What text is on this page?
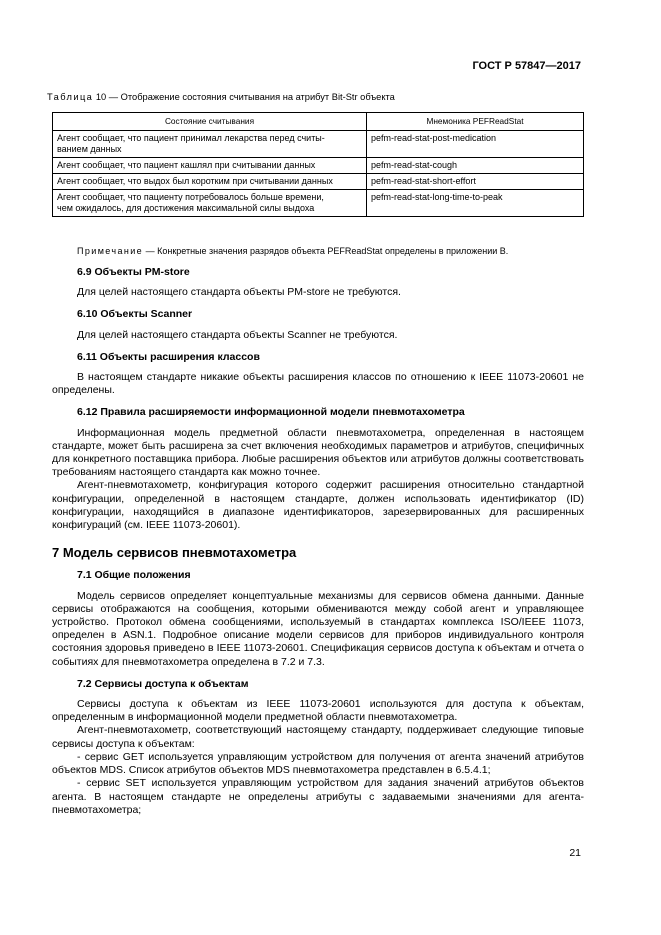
ГОСТ Р 57847—2017
Таблица 10 — Отображение состояния считывания на атрибут Bit-Str объекта
Состояние считывания	Мнемоника PEFReadStat
Агент сообщает, что пациент принимал лекарства перед считы-
ванием данных	pefm-read-stat-post-medication
Агент сообщает, что пациент кашлял при считывании данных	pefm-read-stat-cough
Агент сообщает, что выдох был коротким при считывании данных	pefm-read-stat-short-effort
Агент сообщает, что пациенту потребовалось больше времени,
чем ожидалось, для достижения максимальной силы выдоха	pefm-read-stat-long-time-to-peak
Примечание — Конкретные значения разрядов объекта PEFReadStat определены в приложении В.
6.9 Объекты PM-store

Для целей настоящего стандарта объекты PM-store не требуются.

6.10 Объекты Scanner

Для целей настоящего стандарта объекты Scanner не требуются.

6.11 Объекты расширения классов

В настоящем стандарте никакие объекты расширения классов по отношению к IEEE 11073-20601 не определены.

6.12 Правила расширяемости информационной модели пневмотахометра

Информационная модель предметной области пневмотахометра, определенная в настоящем стандарте, может быть расширена за счет включения необходимых параметров и атрибутов, специфичных для конкретного поставщика прибора. Любые расширения объектов или атрибутов должны соответствовать требованиям настоящего стандарта как можно точнее.

Агент-пневмотахометр, конфигурация которого содержит расширения относительно стандартной конфигурации, определенной в настоящем стандарте, должен использовать идентификатор (ID) конфигурации, находящийся в диапазоне идентификаторов, зарезервированных для расширенных конфигураций (см. IEEE 11073-20601).

7 Модель сервисов пневмотахометра
7.1 Общие положения

Модель сервисов определяет концептуальные механизмы для сервисов обмена данными. Данные сервисы отображаются на сообщения, которыми обмениваются между собой агент и управляющее устройство. Протокол обмена сообщениями, используемый в стандартах комплекса ISO/IEEE 11073, определен в ASN.1. Подробное описание модели сервисов для приборов индивидуального контроля состояния здоровья приведено в IEEE 11073-20601. Спецификация сервисов доступа к объектам и отчета о событиях для пневмотахометра определена в 7.2 и 7.3.

7.2 Сервисы доступа к объектам

Сервисы доступа к объектам из IEEE 11073-20601 используются для доступа к объектам, определенным в информационной модели предметной области пневмотахометра.

Агент-пневмотахометр, соответствующий настоящему стандарту, поддерживает следующие типовые сервисы доступа к объектам:

- сервис GET используется управляющим устройством для получения от агента значений атрибутов объектов MDS. Список атрибутов объектов MDS пневмотахометра представлен в 6.5.4.1;

- сервис SET используется управляющим устройством для задания значений атрибутов объектов агента. В настоящем стандарте не определены атрибуты с задаваемыми значениями для агента-пневмотахометра;

21
